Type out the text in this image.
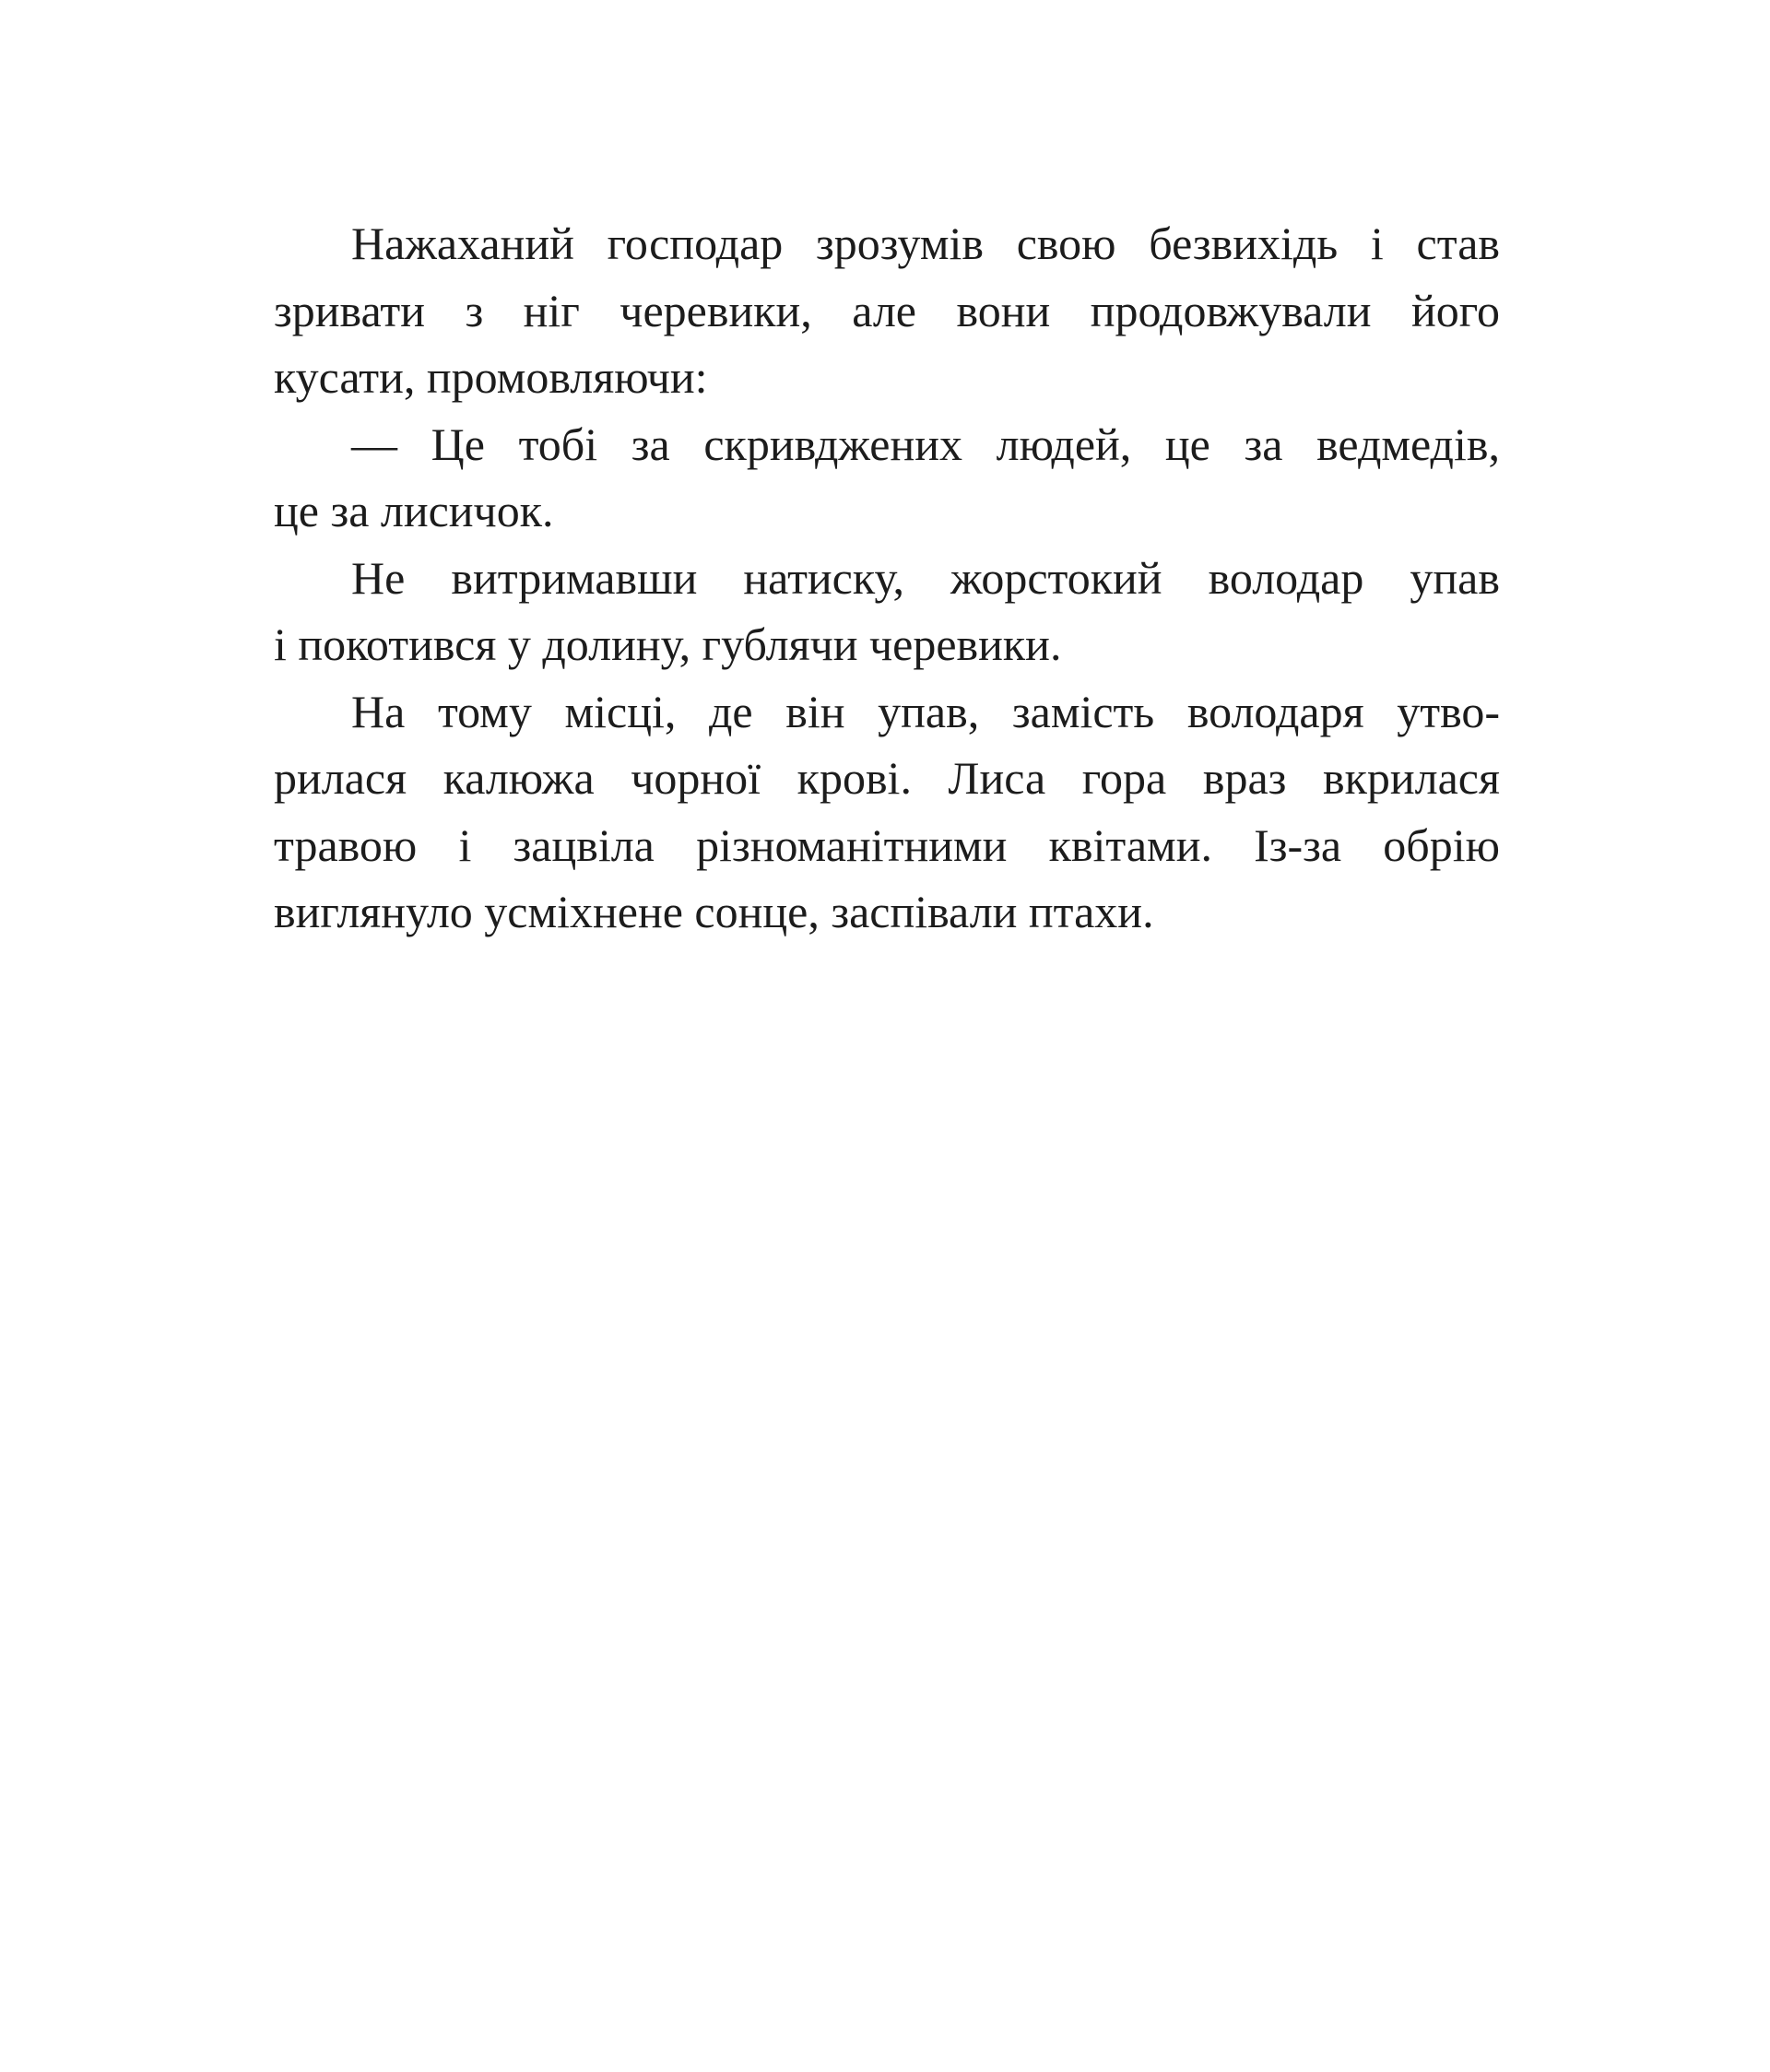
Нажаханий господар зрозумів свою безвихідь і став
зривати з ніг черевики, але вони продовжували його
кусати, промовляючи:
— Це тобі за скривджених людей, це за ведмедів,
це за лисичок.
Не витримавши натиску, жорстокий володар упав
і покотився у долину, гублячи черевики.
На тому місці, де він упав, замість володаря утво-
рилася калюжа чорної крові. Лиса гора враз вкрилася
травою і зацвіла різноманітними квітами. Із-за обрію
виглянуло усміхнене сонце, заспівали птахи.
